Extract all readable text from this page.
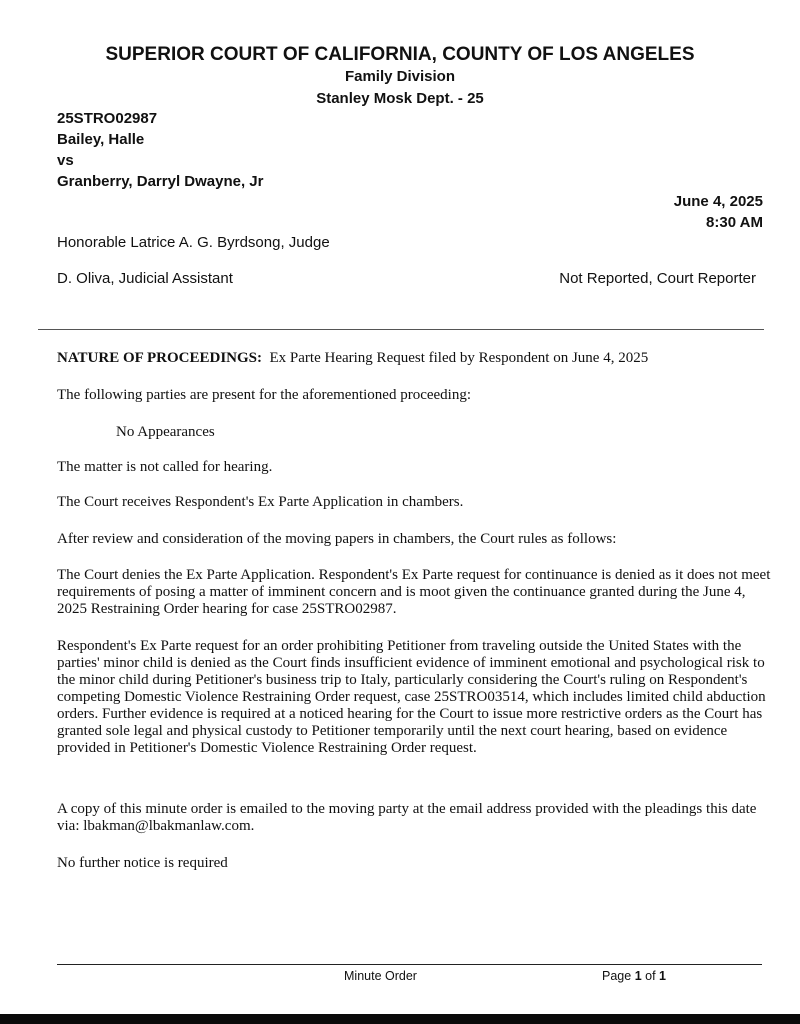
SUPERIOR COURT OF CALIFORNIA, COUNTY OF LOS ANGELES
Family Division
Stanley Mosk Dept. - 25
25STRO02987
Bailey, Halle
vs
Granberry, Darryl Dwayne, Jr
June 4, 2025
8:30 AM
Honorable Latrice A. G. Byrdsong, Judge
D. Oliva, Judicial Assistant	Not Reported, Court Reporter
NATURE OF PROCEEDINGS: Ex Parte Hearing Request filed by Respondent on June 4, 2025
The following parties are present for the aforementioned proceeding:
No Appearances
The matter is not called for hearing.
The Court receives Respondent's Ex Parte Application in chambers.
After review and consideration of the moving papers in chambers, the Court rules as follows:
The Court denies the Ex Parte Application. Respondent's Ex Parte request for continuance is denied as it does not meet requirements of posing a matter of imminent concern and is moot given the continuance granted during the June 4, 2025 Restraining Order hearing for case 25STRO02987.
Respondent's Ex Parte request for an order prohibiting Petitioner from traveling outside the United States with the parties' minor child is denied as the Court finds insufficient evidence of imminent emotional and psychological risk to the minor child during Petitioner's business trip to Italy, particularly considering the Court's ruling on Respondent's competing Domestic Violence Restraining Order request, case 25STRO03514, which includes limited child abduction orders. Further evidence is required at a noticed hearing for the Court to issue more restrictive orders as the Court has granted sole legal and physical custody to Petitioner temporarily until the next court hearing, based on evidence provided in Petitioner's Domestic Violence Restraining Order request.
A copy of this minute order is emailed to the moving party at the email address provided with the pleadings this date via: lbakman@lbakmanlaw.com.
No further notice is required
Minute Order	Page 1 of 1
